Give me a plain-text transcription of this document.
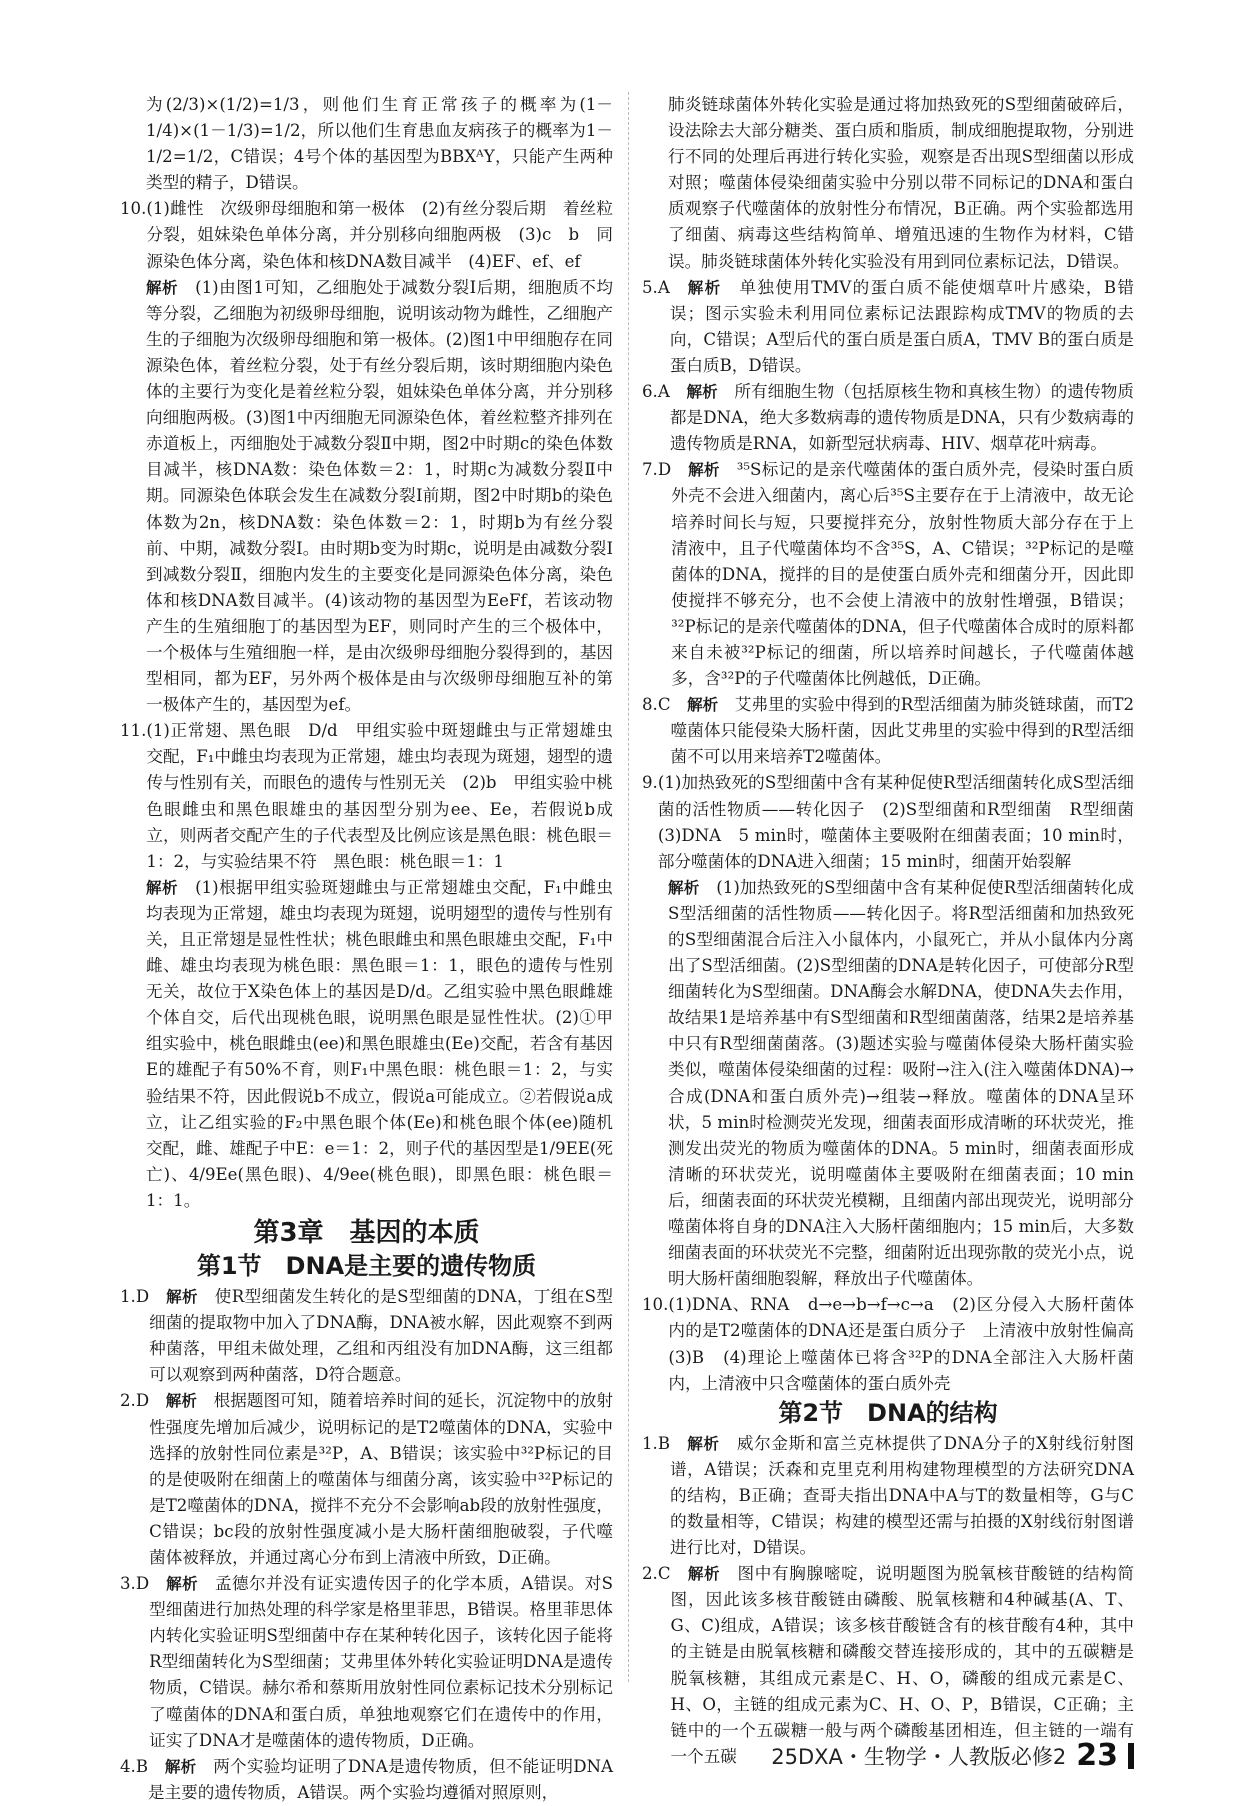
为(2/3)×(1/2)=1/3，则他们生育正常孩子的概率为(1－1/4)×(1－1/3)=1/2，所以他们生育患血友病孩子的概率为1－1/2=1/2，C错误；4号个体的基因型为BBXᴬY，只能产生两种类型的精子，D错误。

10. (1)雌性　次级卵母细胞和第一极体　(2)有丝分裂后期　着丝粒分裂，姐妹染色单体分离，并分别移向细胞两极　(3)c　b　同源染色体分离，染色体和核DNA数目减半　(4)EF、ef、ef

解析　 (1)由图1可知，乙细胞处于减数分裂Ⅰ后期，细胞质不均等分裂，乙细胞为初级卵母细胞，说明该动物为雌性，乙细胞产生的子细胞为次级卵母细胞和第一极体。(2)图1中甲细胞存在同源染色体，着丝粒分裂，处于有丝分裂后期，该时期细胞内染色体的主要行为变化是着丝粒分裂，姐妹染色单体分离，并分别移向细胞两极。(3)图1中丙细胞无同源染色体，着丝粒整齐排列在赤道板上，丙细胞处于减数分裂Ⅱ中期，图2中时期c的染色体数目减半，核DNA数：染色体数＝2：1，时期c为减数分裂Ⅱ中期。同源染色体联会发生在减数分裂Ⅰ前期，图2中时期b的染色体数为2n，核DNA数：染色体数＝2：1，时期b为有丝分裂前、中期，减数分裂Ⅰ。由时期b变为时期c，说明是由减数分裂Ⅰ到减数分裂Ⅱ，细胞内发生的主要变化是同源染色体分离，染色体和核DNA数目减半。(4)该动物的基因型为EeFf，若该动物产生的生殖细胞丁的基因型为EF，则同时产生的三个极体中，一个极体与生殖细胞一样，是由次级卵母细胞分裂得到的，基因型相同，都为EF，另外两个极体是由与次级卵母细胞互补的第一极体产生的，基因型为ef。

11. (1)正常翅、黑色眼　D/d　甲组实验中斑翅雌虫与正常翅雄虫交配，F₁中雌虫均表现为正常翅，雄虫均表现为斑翅，翅型的遗传与性别有关，而眼色的遗传与性别无关　(2)b　甲组实验中桃色眼雌虫和黑色眼雄虫的基因型分别为ee、Ee，若假说b成立，则两者交配产生的子代表型及比例应该是黑色眼：桃色眼＝1：2，与实验结果不符　黑色眼：桃色眼＝1：1

解析　 (1)根据甲组实验斑翅雌虫与正常翅雄虫交配，F₁中雌虫均表现为正常翅，雄虫均表现为斑翅，说明翅型的遗传与性别有关，且正常翅是显性性状；桃色眼雌虫和黑色眼雄虫交配，F₁中雌、雄虫均表现为桃色眼：黑色眼＝1：1，眼色的遗传与性别无关，故位于X染色体上的基因是D/d。乙组实验中黑色眼雌雄个体自交，后代出现桃色眼，说明黑色眼是显性性状。(2)①甲组实验中，桃色眼雌虫(ee)和黑色眼雄虫(Ee)交配，若含有基因E的雄配子有50%不育，则F₁中黑色眼：桃色眼＝1：2，与实验结果不符，因此假说b不成立，假说a可能成立。②若假说a成立，让乙组实验的F₂中黑色眼个体(Ee)和桃色眼个体(ee)随机交配，雌、雄配子中E：e＝1：2，则子代的基因型是1/9EE(死亡)、4/9Ee(黑色眼)、4/9ee(桃色眼)，即黑色眼：桃色眼＝1：1。

第3章　基因的本质
第1节　DNA是主要的遗传物质
1.D
　	解析　 使R型细菌发生转化的是S型细菌的DNA，丁组在S型细菌的提取物中加入了DNA酶，DNA被水解，因此观察不到两种菌落，甲组未做处理，乙组和丙组没有加DNA酶，这三组都可以观察到两种菌落，D符合题意。
2.D
　	解析　 根据题图可知，随着培养时间的延长，沉淀物中的放射性强度先增加后减少，说明标记的是T2噬菌体的DNA，实验中选择的放射性同位素是³²P，A、B错误；该实验中³²P标记的目的是使吸附在细菌上的噬菌体与细菌分离，该实验中³²P标记的是T2噬菌体的DNA，搅拌不充分不会影响ab段的放射性强度，C错误；bc段的放射性强度减小是大肠杆菌细胞破裂，子代噬菌体被释放，并通过离心分布到上清液中所致，D正确。
3.D
　	解析　 孟德尔并没有证实遗传因子的化学本质，A错误。对S型细菌进行加热处理的科学家是格里菲思，B错误。格里菲思体内转化实验证明S型细菌中存在某种转化因子，该转化因子能将R型细菌转化为S型细菌；艾弗里体外转化实验证明DNA是遗传物质，C错误。赫尔希和蔡斯用放射性同位素标记技术分别标记了噬菌体的DNA和蛋白质，单独地观察它们在遗传中的作用，证实了DNA才是噬菌体的遗传物质，D正确。
4.B
　	解析　 两个实验均证明了DNA是遗传物质，但不能证明DNA是主要的遗传物质，A错误。两个实验均遵循对照原则，

肺炎链球菌体外转化实验是通过将加热致死的S型细菌破碎后，设法除去大部分糖类、蛋白质和脂质，制成细胞提取物，分别进行不同的处理后再进行转化实验，观察是否出现S型细菌以形成对照；噬菌体侵染细菌实验中分别以带不同标记的DNA和蛋白质观察子代噬菌体的放射性分布情况，B正确。两个实验都选用了细菌、病毒这些结构简单、增殖迅速的生物作为材料，C错误。肺炎链球菌体外转化实验没有用到同位素标记法，D错误。

5.A
　	解析　 单独使用TMV的蛋白质不能使烟草叶片感染，B错误；图示实验未利用同位素标记法跟踪构成TMV的物质的去向，C错误；A型后代的蛋白质是蛋白质A，TMV B的蛋白质是蛋白质B，D错误。
6.A
　	解析　 所有细胞生物（包括原核生物和真核生物）的遗传物质都是DNA，绝大多数病毒的遗传物质是DNA，只有少数病毒的遗传物质是RNA，如新型冠状病毒、HIV、烟草花叶病毒。
7.D
　	解析　 ³⁵S标记的是亲代噬菌体的蛋白质外壳，侵染时蛋白质外壳不会进入细菌内，离心后³⁵S主要存在于上清液中，故无论培养时间长与短，只要搅拌充分，放射性物质大部分存在于上清液中，且子代噬菌体均不含³⁵S，A、C错误；³²P标记的是噬菌体的DNA，搅拌的目的是使蛋白质外壳和细菌分开，因此即使搅拌不够充分，也不会使上清液中的放射性增强，B错误；³²P标记的是亲代噬菌体的DNA，但子代噬菌体合成时的原料都来自未被³²P标记的细菌，所以培养时间越长，子代噬菌体越多，含³²P的子代噬菌体比例越低，D正确。
8.C
　	解析　 艾弗里的实验中得到的R型活细菌为肺炎链球菌，而T2噬菌体只能侵染大肠杆菌，因此艾弗里的实验中得到的R型活细菌不可以用来培养T2噬菌体。
9. (1)加热致死的S型细菌中含有某种促使R型活细菌转化成S型活细菌的活性物质——转化因子　(2)S型细菌和R型细菌　R型细菌　(3)DNA　5 min时，噬菌体主要吸附在细菌表面；10 min时，部分噬菌体的DNA进入细菌；15 min时，细菌开始裂解

解析　 (1)加热致死的S型细菌中含有某种促使R型活细菌转化成S型活细菌的活性物质——转化因子。将R型活细菌和加热致死的S型细菌混合后注入小鼠体内，小鼠死亡，并从小鼠体内分离出了S型活细菌。(2)S型细菌的DNA是转化因子，可使部分R型细菌转化为S型细菌。DNA酶会水解DNA，使DNA失去作用，故结果1是培养基中有S型细菌和R型细菌菌落，结果2是培养基中只有R型细菌菌落。(3)题述实验与噬菌体侵染大肠杆菌实验类似，噬菌体侵染细菌的过程：吸附→注入(注入噬菌体DNA)→合成(DNA和蛋白质外壳)→组装→释放。噬菌体的DNA呈环状，5 min时检测荧光发现，细菌表面形成清晰的环状荧光，推测发出荧光的物质为噬菌体的DNA。5 min时，细菌表面形成清晰的环状荧光，说明噬菌体主要吸附在细菌表面；10 min后，细菌表面的环状荧光模糊，且细菌内部出现荧光，说明部分噬菌体将自身的DNA注入大肠杆菌细胞内；15 min后，大多数细菌表面的环状荧光不完整，细菌附近出现弥散的荧光小点，说明大肠杆菌细胞裂解，释放出子代噬菌体。

10. (1)DNA、RNA　d→e→b→f→c→a　(2)区分侵入大肠杆菌体内的是T2噬菌体的DNA还是蛋白质分子　上清液中放射性偏高　(3)B　(4)理论上噬菌体已将含³²P的DNA全部注入大肠杆菌内，上清液中只含噬菌体的蛋白质外壳
第2节　DNA的结构
1.B
　	解析　 威尔金斯和富兰克林提供了DNA分子的X射线衍射图谱，A错误；沃森和克里克利用构建物理模型的方法研究DNA的结构，B正确；查哥夫指出DNA中A与T的数量相等，G与C的数量相等，C错误；构建的模型还需与拍摄的X射线衍射图谱进行比对，D错误。
2.C
　	解析　 图中有胸腺嘧啶，说明题图为脱氧核苷酸链的结构简图，因此该多核苷酸链由磷酸、脱氧核糖和4种碱基(A、T、G、C)组成，A错误；该多核苷酸链含有的核苷酸有4种，其中的主链是由脱氧核糖和磷酸交替连接形成的，其中的五碳糖是脱氧核糖，其组成元素是C、H、O，磷酸的组成元素是C、H、O，主链的组成元素为C、H、O、P，B错误，C正确；主链中的一个五碳糖一般与两个磷酸基团相连，但主链的一端有一个五碳	25DXA・生物学・人教版必修2 23
